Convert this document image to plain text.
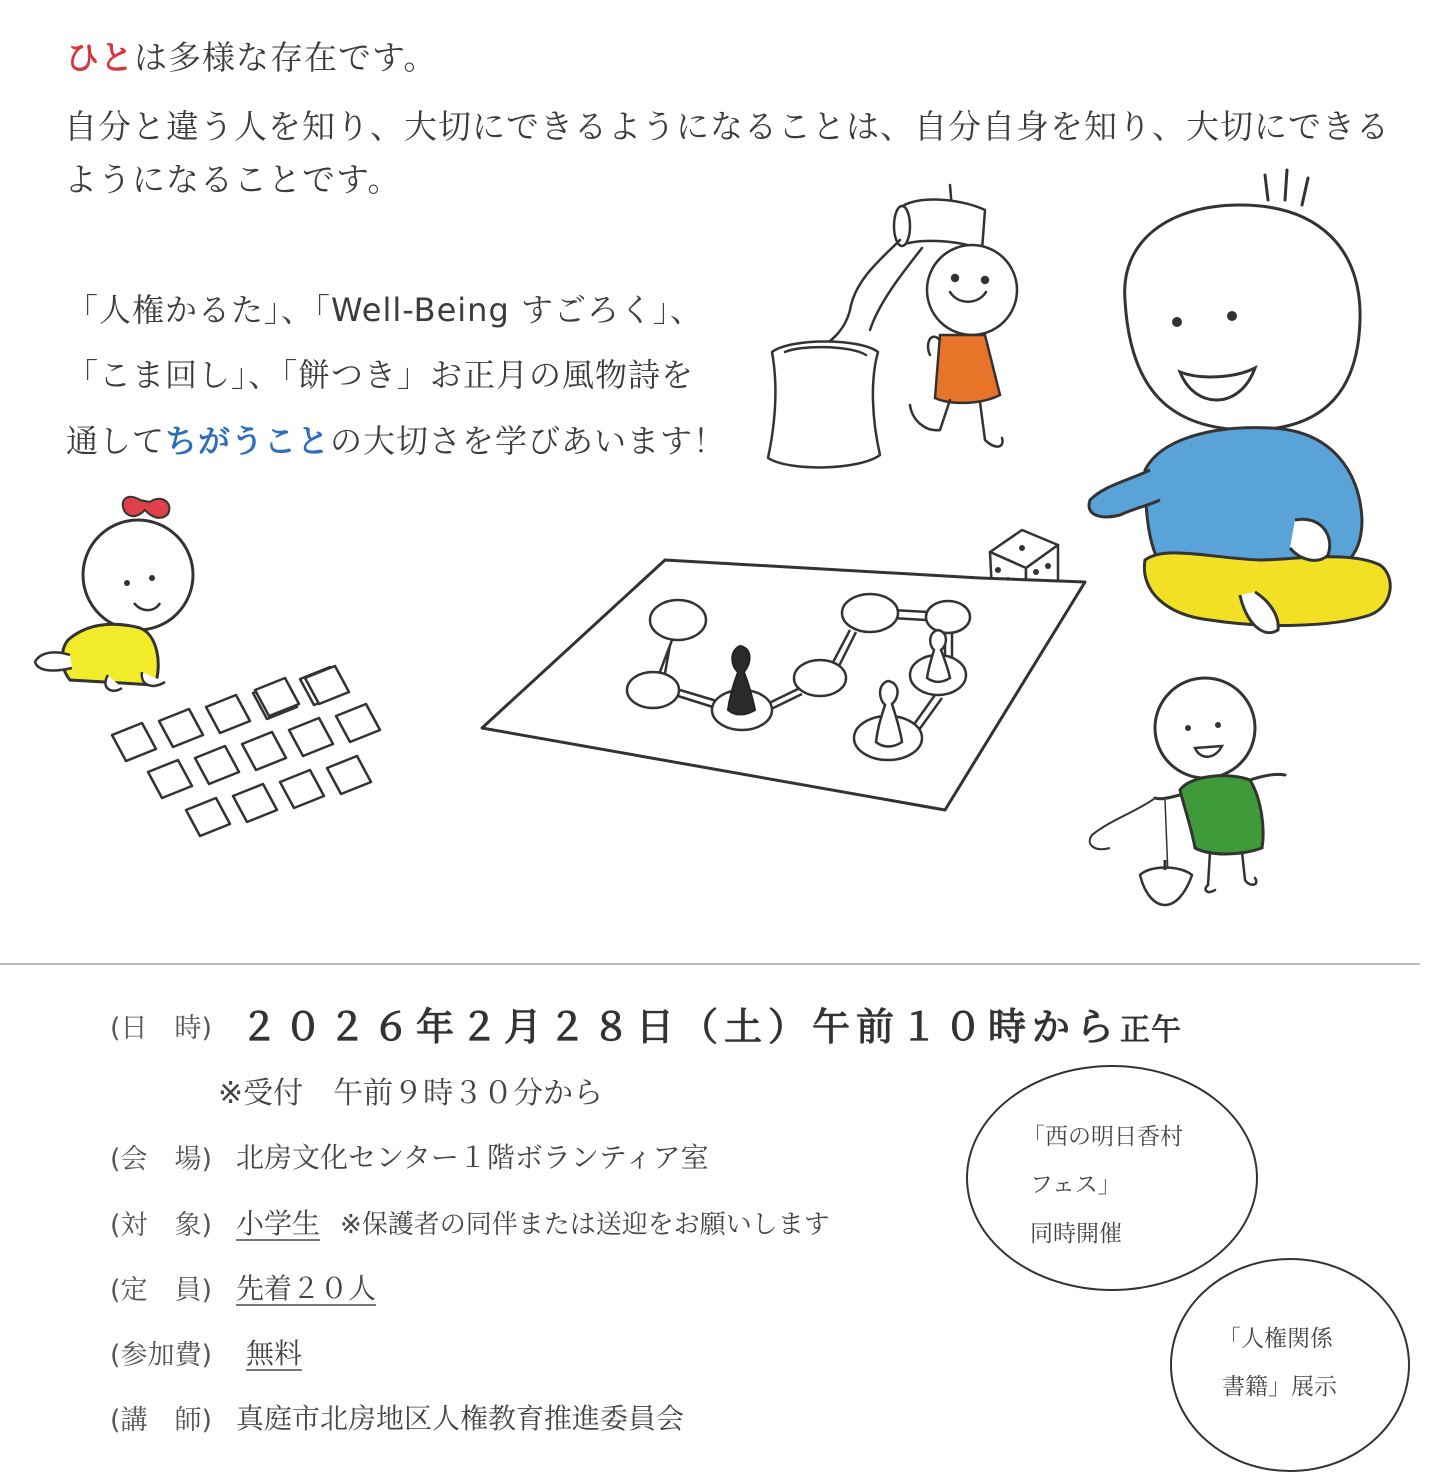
ひとは多様な存在です。
自分と違う人を知り、大切にできるようになることは、自分自身を知り、大切にできる
ようになることです。
「人権かるた」、「Well-Being すごろく」、
「こま回し」、「餅つき」お正月の風物詩を
通してちがうことの大切さを学びあいます！
(日　時) ２０２６年２月２８日（土）午前１０時から正午
※受付　午前９時３０分から
(会　場) 北房文化センター１階ボランティア室
(対　象) 小学生 ※保護者の同伴または送迎をお願いします
(定　員) 先着２０人
(参加費) 無料
(講　師) 真庭市北房地区人権教育推進委員会
「西の明日香村
フェス」
同時開催
「人権関係
書籍」展示
